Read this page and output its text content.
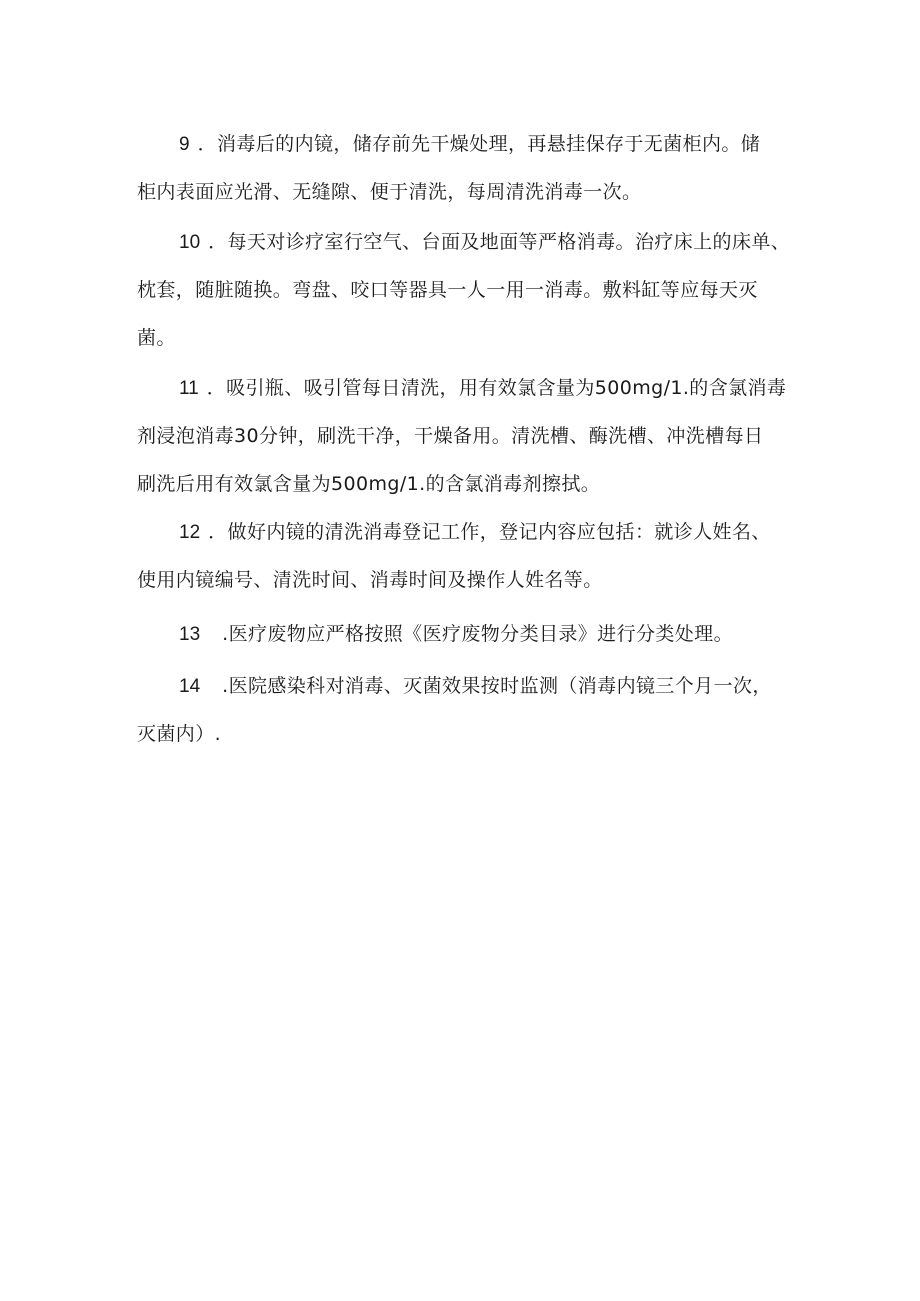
9 ．消毒后的内镜，储存前先干燥处理，再悬挂保存于无菌柜内。储
柜内表面应光滑、无缝隙、便于清洗，每周清洗消毒一次。
10 ．每天对诊疗室行空气、台面及地面等严格消毒。治疗床上的床单、
枕套，随脏随换。弯盘、咬口等器具一人一用一消毒。敷料缸等应每天灭
菌。
11 ．吸引瓶、吸引管每日清洗，用有效氯含量为500mg∕1.的含氯消毒
剂浸泡消毒30分钟，刷洗干净，干燥备用。清洗槽、酶洗槽、冲洗槽每日
刷洗后用有效氯含量为500mg∕1.的含氯消毒剂擦拭。
12 ．做好内镜的清洗消毒登记工作，登记内容应包括：就诊人姓名、
使用内镜编号、清洗时间、消毒时间及操作人姓名等。
13 .医疗废物应严格按照《医疗废物分类目录》进行分类处理。
14 .医院感染科对消毒、灭菌效果按时监测（消毒内镜三个月一次，
灭菌内）.
